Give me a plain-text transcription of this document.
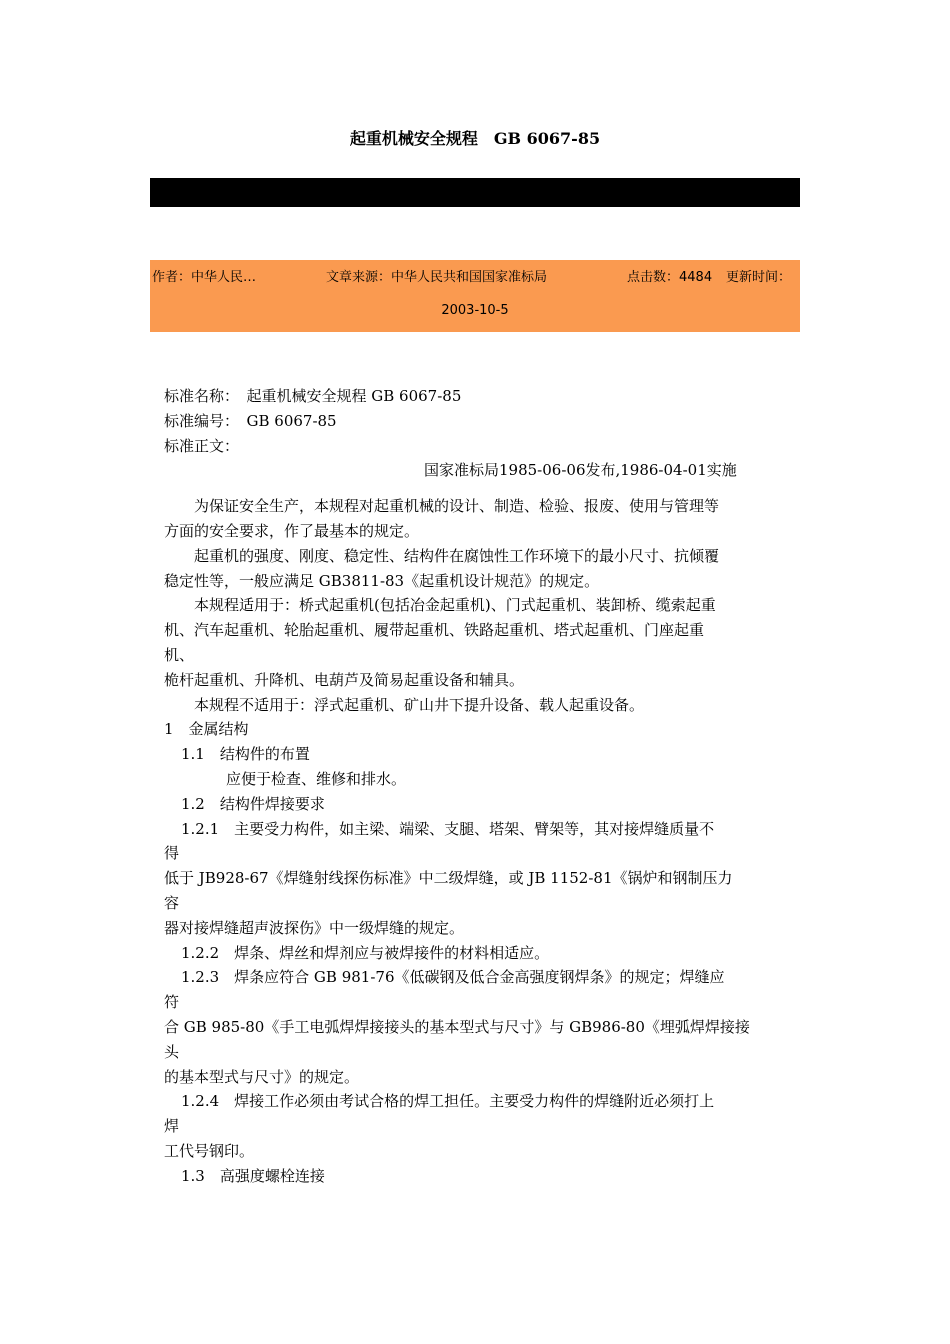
起重机械安全规程　GB 6067-85
作者：中华人民…	文章来源：中华人民共和国国家准标局	点击数：4484 更新时间：
2003-10-5
标准名称：　起重机械安全规程 GB 6067-85
标准编号：　GB 6067-85
标准正文：
国家准标局1985-06-06发布,1986-04-01实施
　　为保证安全生产，本规程对起重机械的设计、制造、检验、报废、使用与管理等
方面的安全要求，作了最基本的规定。
　　起重机的强度、刚度、稳定性、结构件在腐蚀性工作环境下的最小尺寸、抗倾覆
稳定性等，一般应满足 GB3811-83《起重机设计规范》的规定。
　　本规程适用于：桥式起重机(包括冶金起重机)、门式起重机、装卸桥、缆索起重
机、汽车起重机、轮胎起重机、履带起重机、铁路起重机、塔式起重机、门座起重
机、
桅杆起重机、升降机、电葫芦及简易起重设备和辅具。
　　本规程不适用于：浮式起重机、矿山井下提升设备、载人起重设备。
1　金属结构
1.1　结构件的布置
　　应便于检查、维修和排水。
1.2　结构件焊接要求
1.2.1　主要受力构件，如主梁、端梁、支腿、塔架、臂架等，其对接焊缝质量不
得
低于 JB928-67《焊缝射线探伤标准》中二级焊缝，或 JB 1152-81《锅炉和钢制压力
容
器对接焊缝超声波探伤》中一级焊缝的规定。
1.2.2　焊条、焊丝和焊剂应与被焊接件的材料相适应。
1.2.3　焊条应符合 GB 981-76《低碳钢及低合金高强度钢焊条》的规定；焊缝应
符
合 GB 985-80《手工电弧焊焊接接头的基本型式与尺寸》与 GB986-80《埋弧焊焊接接
头
的基本型式与尺寸》的规定。
1.2.4　焊接工作必须由考试合格的焊工担任。主要受力构件的焊缝附近必须打上
焊
工代号钢印。
1.3　高强度螺栓连接
